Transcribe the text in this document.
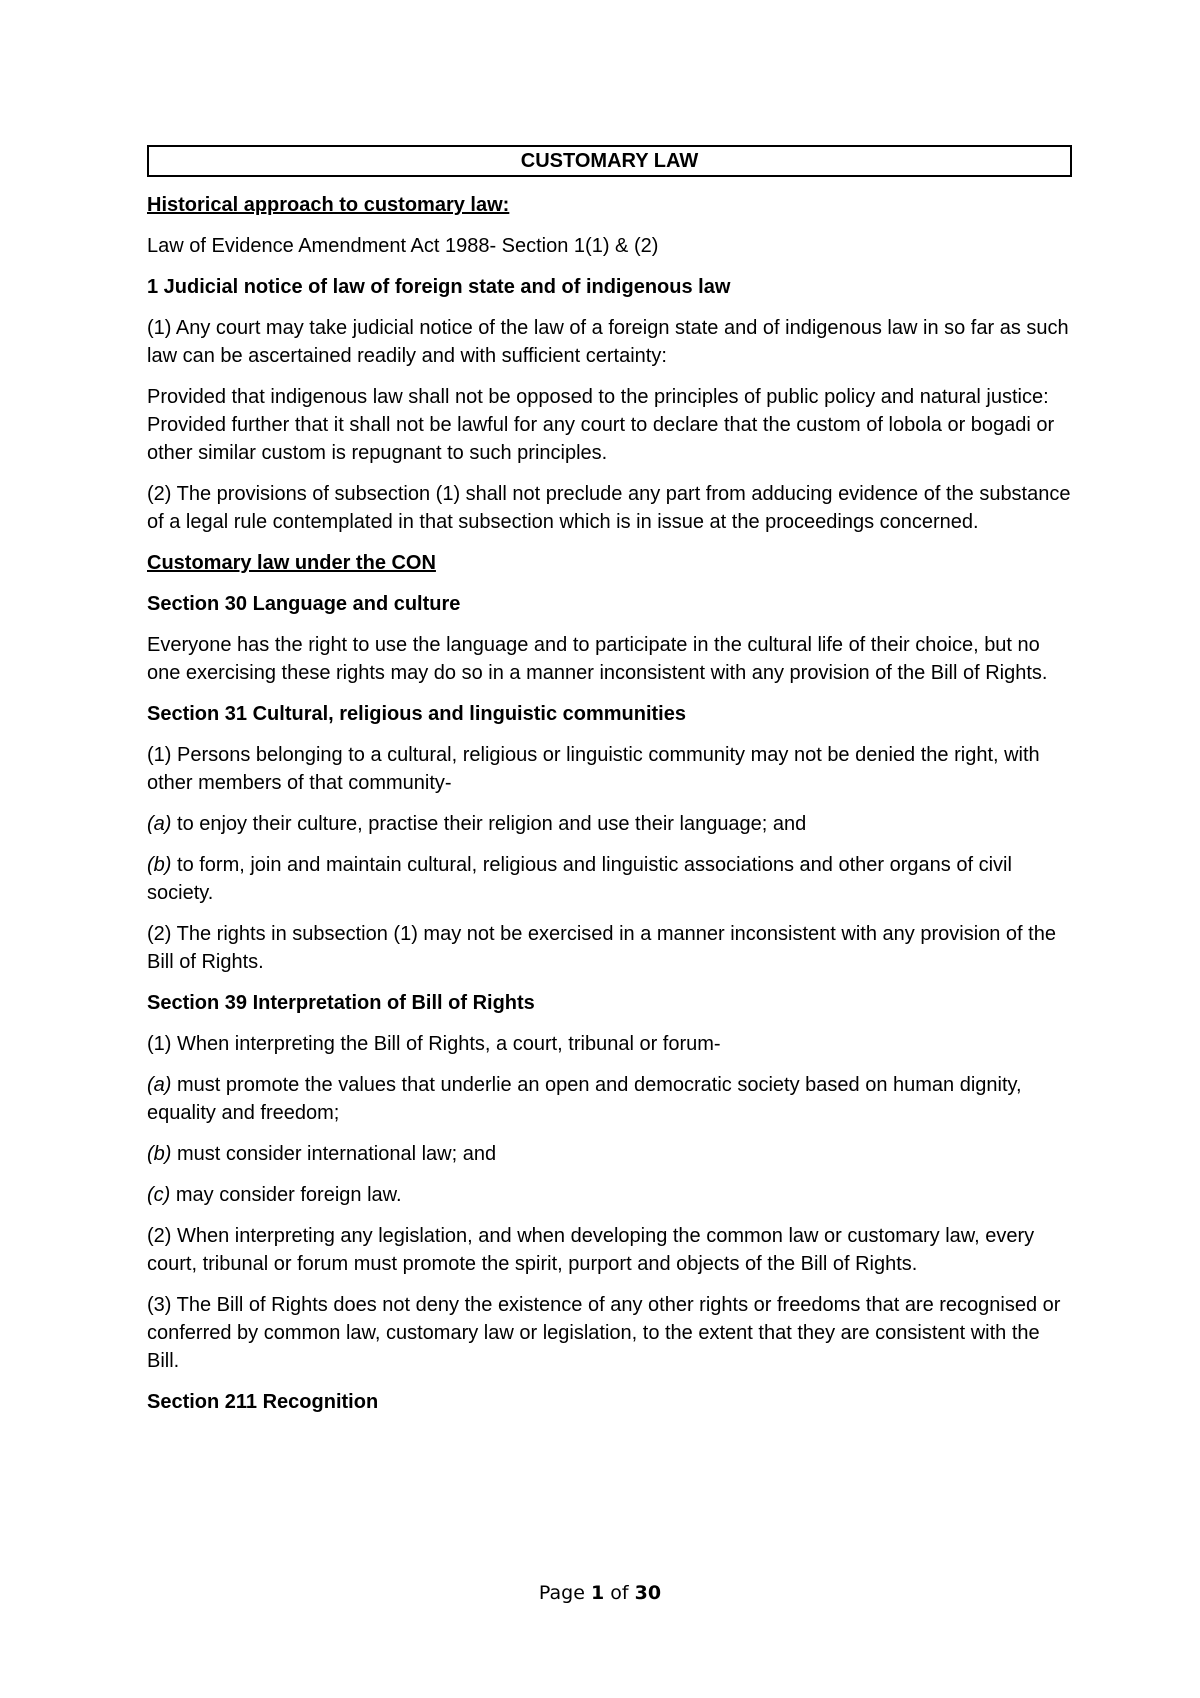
CUSTOMARY LAW

Historical approach to customary law:

Law of Evidence Amendment Act 1988- Section 1(1) & (2)

1 Judicial notice of law of foreign state and of indigenous law

(1) Any court may take judicial notice of the law of a foreign state and of indigenous law in so far as such law can be ascertained readily and with sufficient certainty:

Provided that indigenous law shall not be opposed to the principles of public policy and natural justice: Provided further that it shall not be lawful for any court to declare that the custom of lobola or bogadi or other similar custom is repugnant to such principles.

(2) The provisions of subsection (1) shall not preclude any part from adducing evidence of the substance of a legal rule contemplated in that subsection which is in issue at the proceedings concerned.

Customary law under the CON

Section 30 Language and culture

Everyone has the right to use the language and to participate in the cultural life of their choice, but no one exercising these rights may do so in a manner inconsistent with any provision of the Bill of Rights.

Section 31 Cultural, religious and linguistic communities

(1) Persons belonging to a cultural, religious or linguistic community may not be denied the right, with other members of that community-

(a) to enjoy their culture, practise their religion and use their language; and

(b) to form, join and maintain cultural, religious and linguistic associations and other organs of civil society.

(2) The rights in subsection (1) may not be exercised in a manner inconsistent with any provision of the Bill of Rights.

Section 39 Interpretation of Bill of Rights

(1) When interpreting the Bill of Rights, a court, tribunal or forum-

(a) must promote the values that underlie an open and democratic society based on human dignity, equality and freedom;

(b) must consider international law; and

(c) may consider foreign law.

(2) When interpreting any legislation, and when developing the common law or customary law, every court, tribunal or forum must promote the spirit, purport and objects of the Bill of Rights.

(3) The Bill of Rights does not deny the existence of any other rights or freedoms that are recognised or conferred by common law, customary law or legislation, to the extent that they are consistent with the Bill.

Section 211 Recognition

Page 1 of 30
